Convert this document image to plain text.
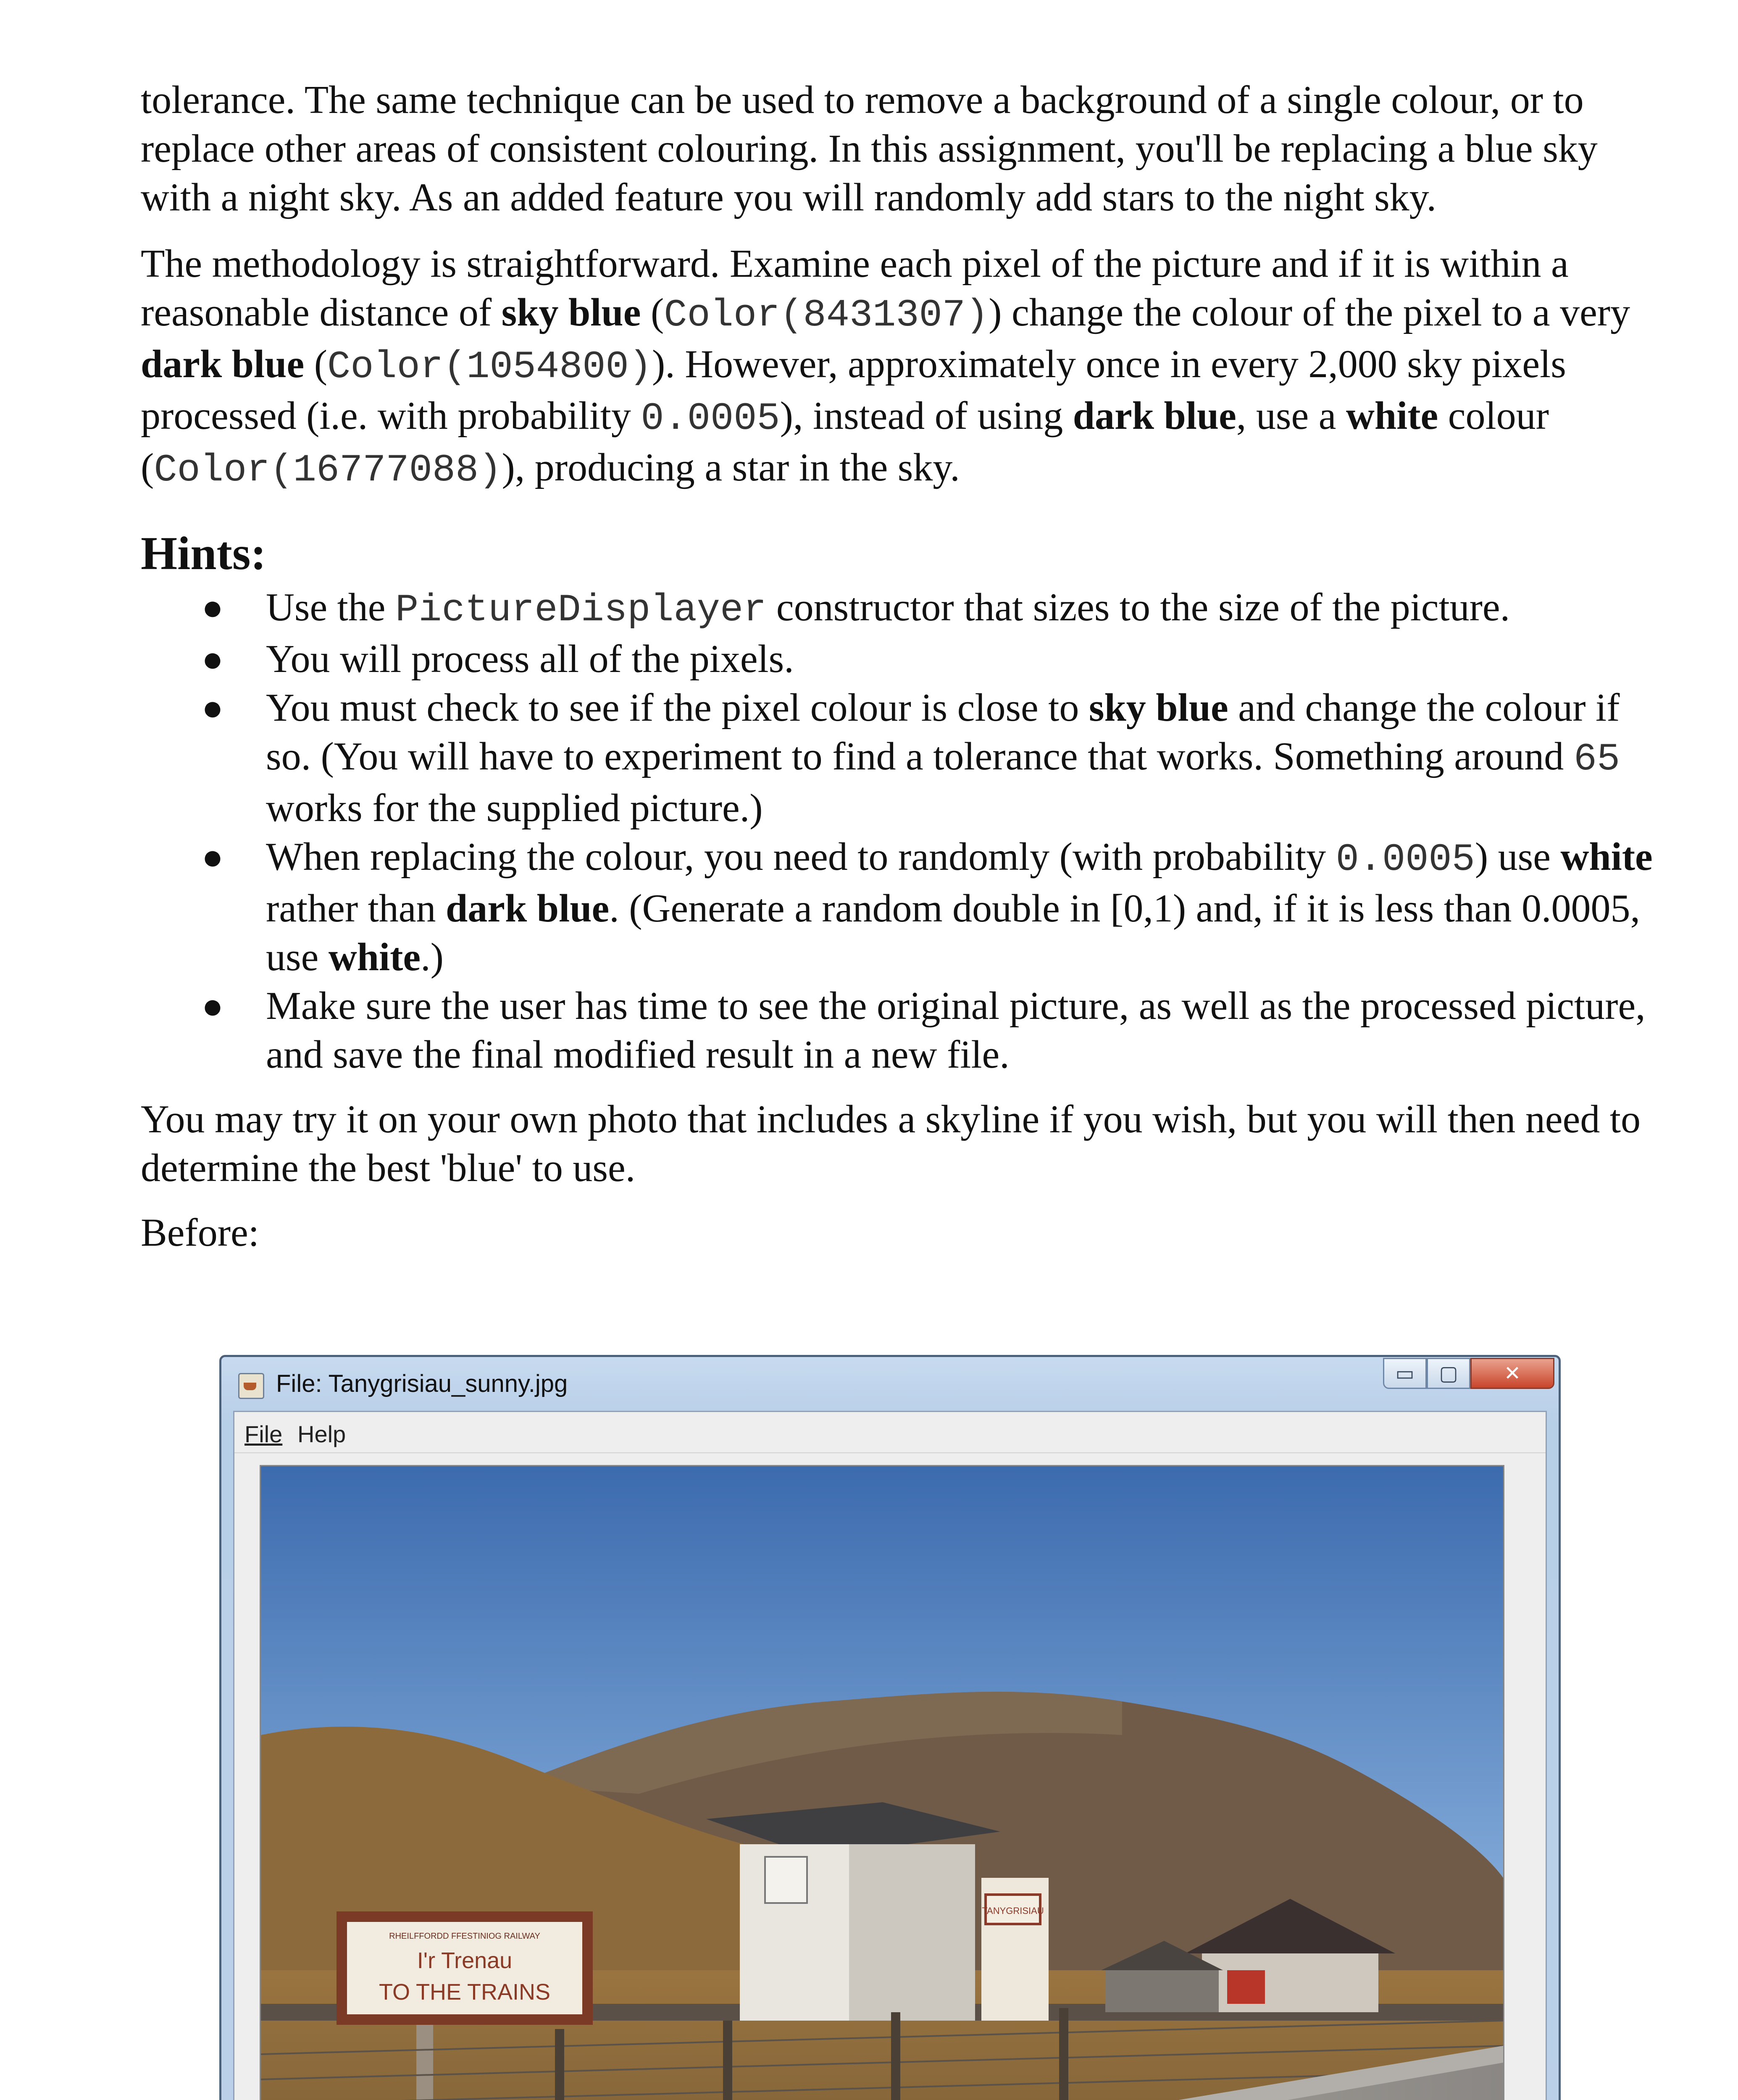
tolerance. The same technique can be used to remove a background of a single colour, or to replace other areas of consistent colouring. In this assignment, you'll be replacing a blue sky with a night sky. As an added feature you will randomly add stars to the night sky.

The methodology is straightforward. Examine each pixel of the picture and if it is within a reasonable distance of sky blue (Color(8431307)) change the colour of the pixel to a very dark blue (Color(1054800)). However, approximately once in every 2,000 sky pixels processed (i.e. with probability 0.0005), instead of using dark blue, use a white colour (Color(16777088)), producing a star in the sky.

Hints:
● Use the PictureDisplayer constructor that sizes to the size of the picture.
● You will process all of the pixels.
● You must check to see if the pixel colour is close to sky blue and change the colour if so. (You will have to experiment to find a tolerance that works. Something around 65 works for the supplied picture.)
● When replacing the colour, you need to randomly (with probability 0.0005) use white rather than dark blue. (Generate a random double in [0,1) and, if it is less than 0.0005, use white.)
● Make sure the user has time to see the original picture, as well as the processed picture, and save the final modified result in a new file.

You may try it on your own photo that includes a skyline if you wish, but you will then need to determine the best 'blue' to use.

Before:

File: Tanygrisiau_sunny.jpg	▭	▢	✕
File Help
TANYGRISIAU
RHEILFFORDD FFESTINIOG RAILWAY
I'r Trenau
TO THE TRAINS
